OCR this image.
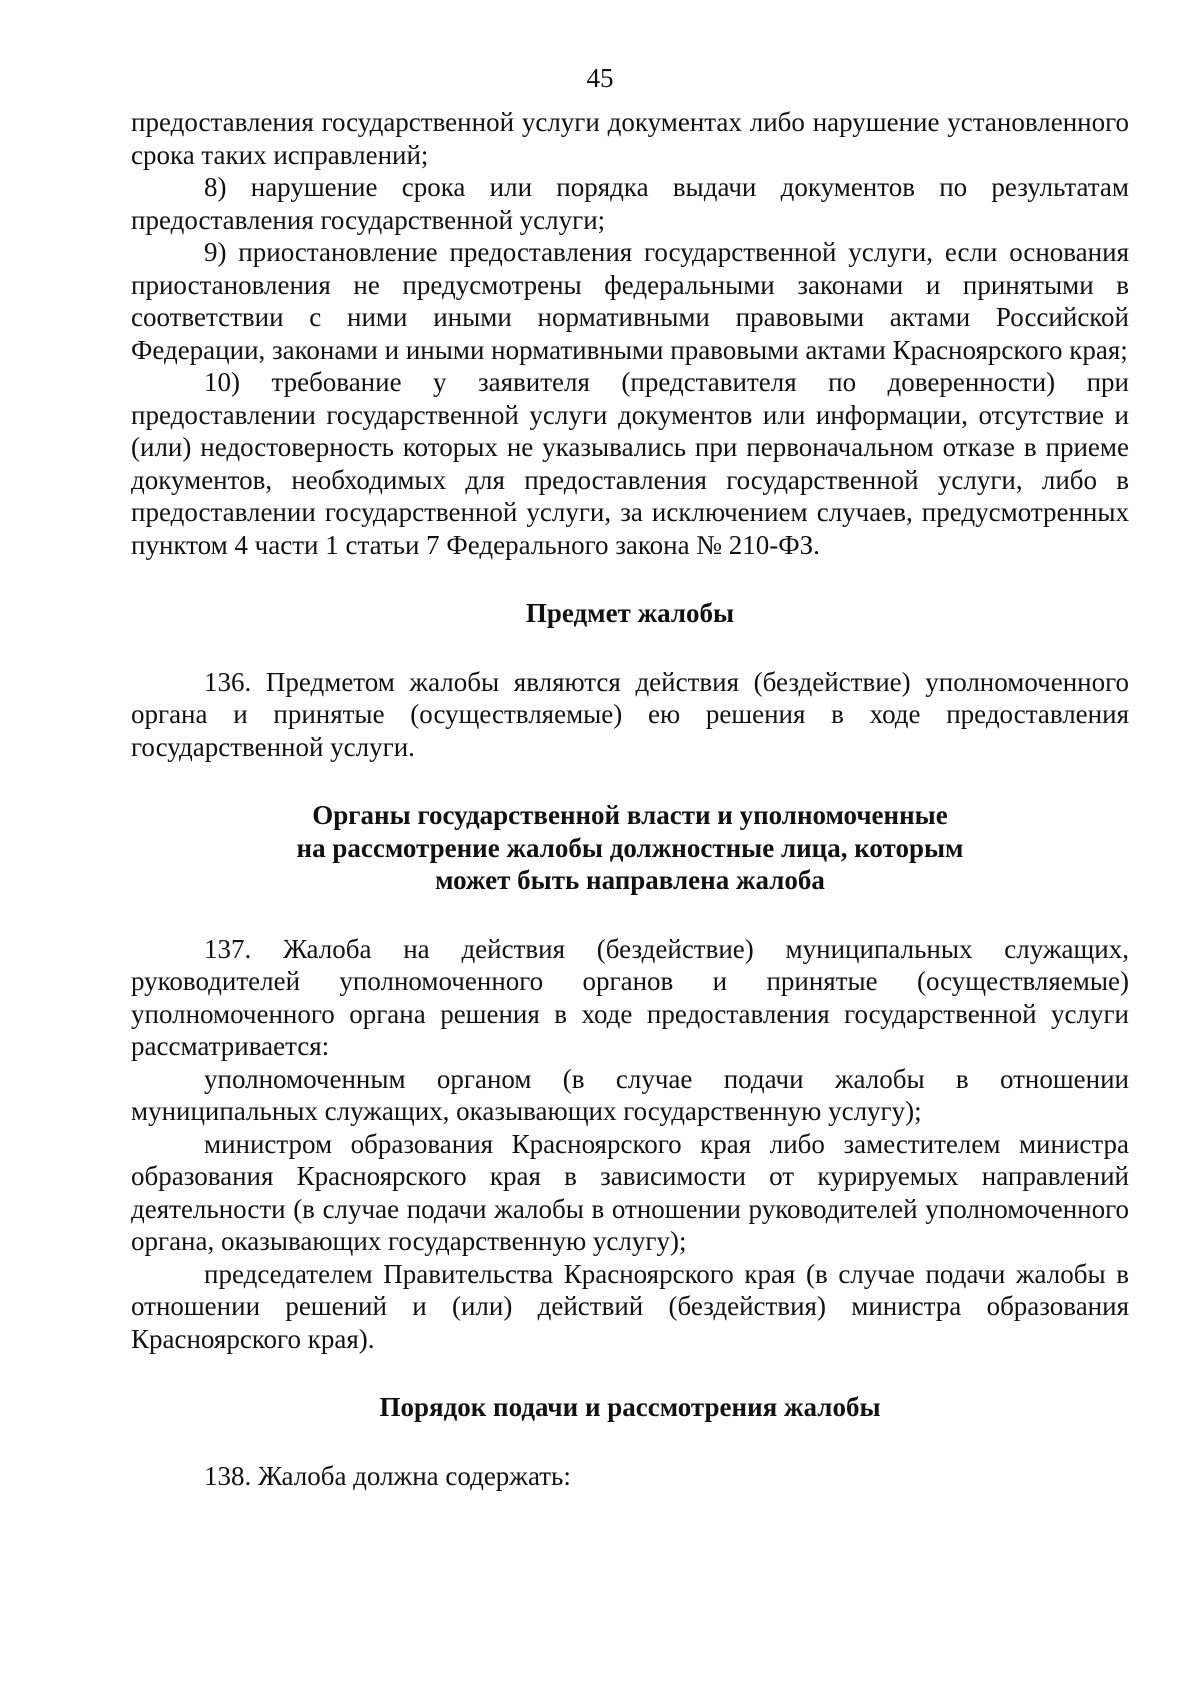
45

предоставления государственной услуги документах либо нарушение установленного срока таких исправлений;

8) нарушение срока или порядка выдачи документов по результатам предоставления государственной услуги;

9) приостановление предоставления государственной услуги, если основания приостановления не предусмотрены федеральными законами и принятыми в соответствии с ними иными нормативными правовыми актами Российской Федерации, законами и иными нормативными правовыми актами Красноярского края;

10) требование у заявителя (представителя по доверенности) при предоставлении государственной услуги документов или информации, отсутствие и (или) недостоверность которых не указывались при первоначальном отказе в приеме документов, необходимых для предоставления государственной услуги, либо в предоставлении государственной услуги, за исключением случаев, предусмотренных пунктом 4 части 1 статьи 7 Федерального закона № 210-ФЗ.

Предмет жалобы

136. Предметом жалобы являются действия (бездействие) уполномоченного органа и принятые (осуществляемые) ею решения в ходе предоставления государственной услуги.

Органы государственной власти и уполномоченные
на рассмотрение жалобы должностные лица, которым
может быть направлена жалоба

137. Жалоба на действия (бездействие) муниципальных служащих, руководителей уполномоченного органов и принятые (осуществляемые) уполномоченного органа решения в ходе предоставления государственной услуги рассматривается:

уполномоченным органом (в случае подачи жалобы в отношении муниципальных служащих, оказывающих государственную услугу);

министром образования Красноярского края либо заместителем министра образования Красноярского края в зависимости от курируемых направлений деятельности (в случае подачи жалобы в отношении руководителей уполномоченного органа, оказывающих государственную услугу);

председателем Правительства Красноярского края (в случае подачи жалобы в отношении решений и (или) действий (бездействия) министра образования Красноярского края).

Порядок подачи и рассмотрения жалобы

138. Жалоба должна содержать:
